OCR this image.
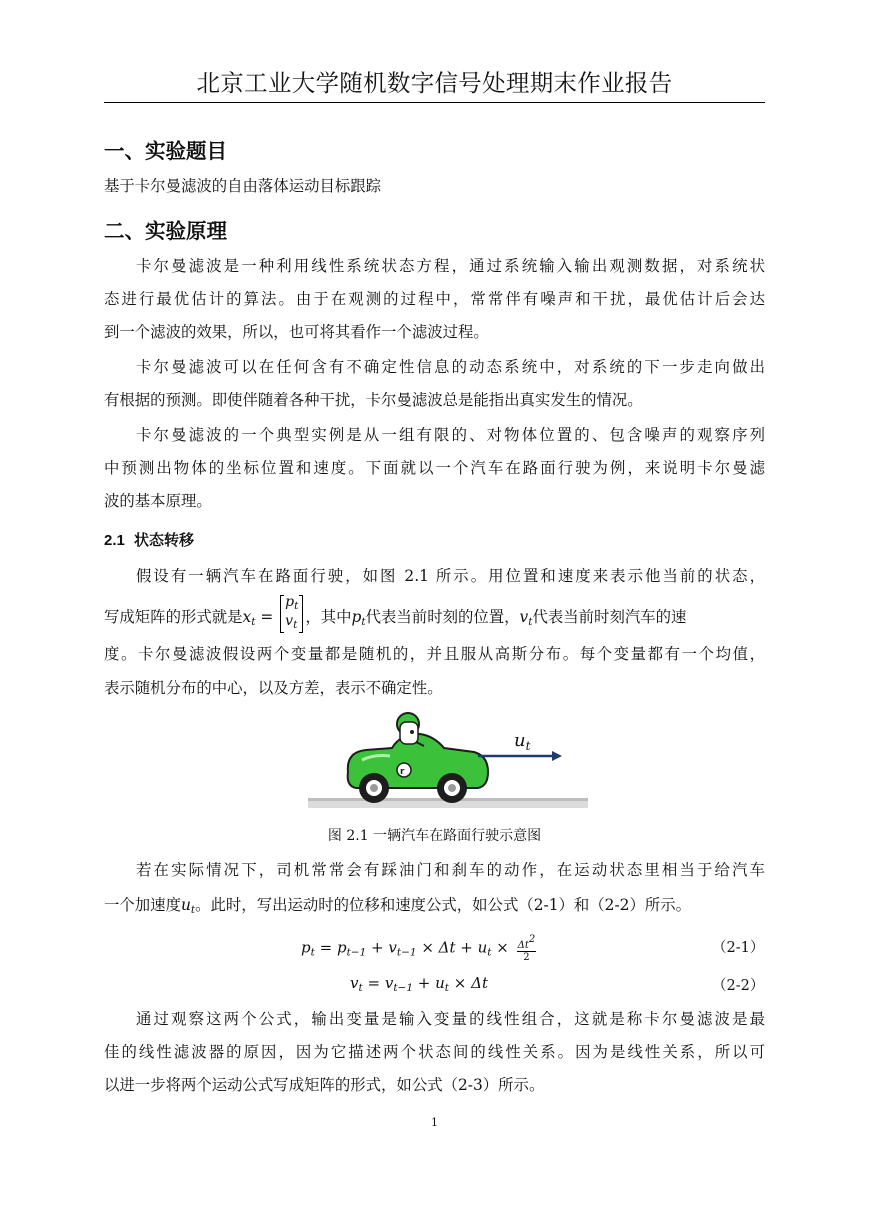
北京工业大学随机数字信号处理期末作业报告
一、实验题目
基于卡尔曼滤波的自由落体运动目标跟踪
二、实验原理
卡尔曼滤波是一种利用线性系统状态方程，通过系统输入输出观测数据，对系统状
态进行最优估计的算法。由于在观测的过程中，常常伴有噪声和干扰，最优估计后会达
到一个滤波的效果，所以，也可将其看作一个滤波过程。
卡尔曼滤波可以在任何含有不确定性信息的动态系统中，对系统的下一步走向做出
有根据的预测。即使伴随着各种干扰，卡尔曼滤波总是能指出真实发生的情况。
卡尔曼滤波的一个典型实例是从一组有限的、对物体位置的、包含噪声的观察序列
中预测出物体的坐标位置和速度。下面就以一个汽车在路面行驶为例，来说明卡尔曼滤
波的基本原理。
2.1 状态转移
假设有一辆汽车在路面行驶，如图 2.1 所示。用位置和速度来表示他当前的状态，
写成矩阵的形式就是$x_t$ =
$p_t$
$v_t$ ，其中$p_t$代表当前时刻的位置，$v_t$代表当前时刻汽车的速
度。卡尔曼滤波假设两个变量都是随机的，并且服从高斯分布。每个变量都有一个均值，
表示随机分布的中心，以及方差，表示不确定性。
r
$u_t$
图 2.1 一辆汽车在路面行驶示意图
若在实际情况下，司机常常会有踩油门和刹车的动作，在运动状态里相当于给汽车
一个加速度$u_t$。此时，写出运动时的位移和速度公式，如公式（2-1）和（2-2）所示。
$p_t = p_{t-1} + v_{t-1} \times \Delta t + u_t \times \frac{\Delta t2}{2}$	（2-1）
$v_t = v_{t-1} + u_t \times \Delta t$	（2-2）
通过观察这两个公式，输出变量是输入变量的线性组合，这就是称卡尔曼滤波是最
佳的线性滤波器的原因，因为它描述两个状态间的线性关系。因为是线性关系，所以可
以进一步将两个运动公式写成矩阵的形式，如公式（2-3）所示。
1
